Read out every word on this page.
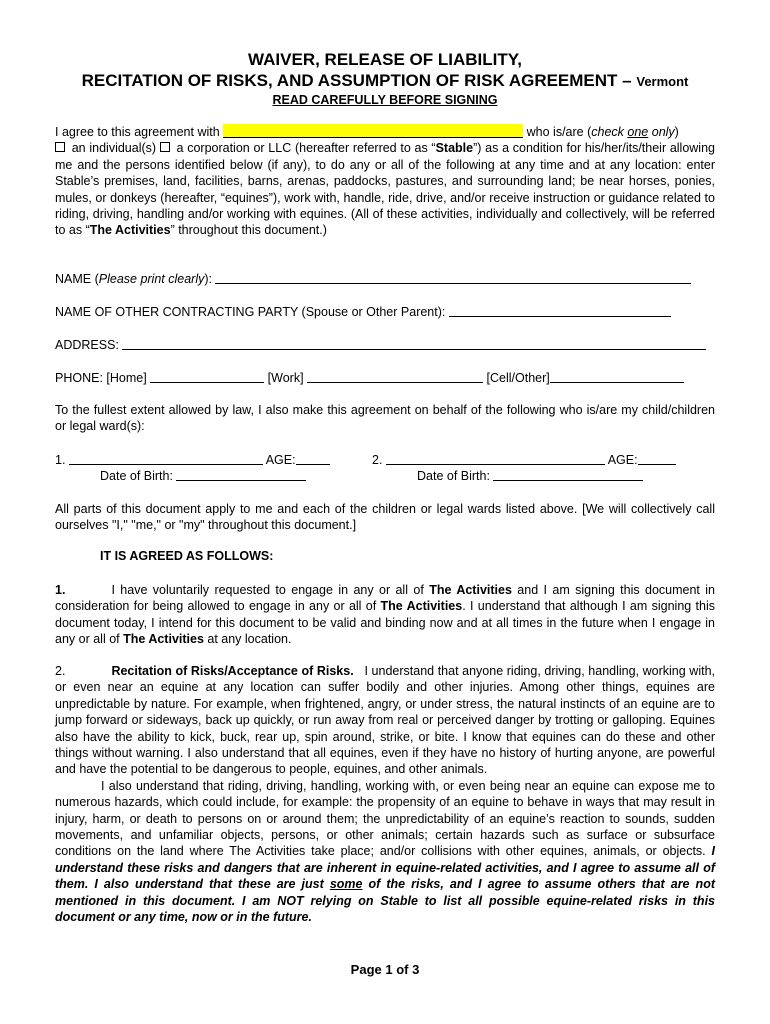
WAIVER, RELEASE OF LIABILITY,
RECITATION OF RISKS, AND ASSUMPTION OF RISK AGREEMENT – Vermont
READ CAREFULLY BEFORE SIGNING
I agree to this agreement with	who is/are (check one only)
an individual(s) a corporation or LLC (hereafter referred to as “Stable”) as a condition for his/her/its/their allowing me and the persons identified below (if any), to do any or all of the following at any time and at any location: enter Stable’s premises, land, facilities, barns, arenas, paddocks, pastures, and surrounding land; be near horses, ponies, mules, or donkeys (hereafter, “equines”), work with, handle, ride, drive, and/or receive instruction or guidance related to riding, driving, handling and/or working with equines. (All of these activities, individually and collectively, will be referred to as “The Activities” throughout this document.)
NAME (Please print clearly):
NAME OF OTHER CONTRACTING PARTY (Spouse or Other Parent):
ADDRESS:
PHONE: [Home]	[Work]	[Cell/Other]
To the fullest extent allowed by law, I also make this agreement on behalf of the following who is/are my child/children or legal ward(s):
1.	AGE:	2.	AGE:
Date of Birth:	Date of Birth:
All parts of this document apply to me and each of the children or legal wards listed above. [We will collectively call ourselves "I," "me," or "my" throughout this document.]
IT IS AGREED AS FOLLOWS:
1.	I have voluntarily requested to engage in any or all of The Activities and I am signing this document in consideration for being allowed to engage in any or all of The Activities. I understand that although I am signing this document today, I intend for this document to be valid and binding now and at all times in the future when I engage in any or all of The Activities at any location.
2.	Recitation of Risks/Acceptance of Risks. I understand that anyone riding, driving, handling, working with, or even near an equine at any location can suffer bodily and other injuries. Among other things, equines are unpredictable by nature. For example, when frightened, angry, or under stress, the natural instincts of an equine are to jump forward or sideways, back up quickly, or run away from real or perceived danger by trotting or galloping. Equines also have the ability to kick, buck, rear up, spin around, strike, or bite. I know that equines can do these and other things without warning. I also understand that all equines, even if they have no history of hurting anyone, are powerful and have the potential to be dangerous to people, equines, and other animals.
I also understand that riding, driving, handling, working with, or even being near an equine can expose me to numerous hazards, which could include, for example: the propensity of an equine to behave in ways that may result in injury, harm, or death to persons on or around them; the unpredictability of an equine’s reaction to sounds, sudden movements, and unfamiliar objects, persons, or other animals; certain hazards such as surface or subsurface conditions on the land where The Activities take place; and/or collisions with other equines, animals, or objects. I understand these risks and dangers that are inherent in equine-related activities, and I agree to assume all of them. I also understand that these are just some of the risks, and I agree to assume others that are not mentioned in this document. I am NOT relying on Stable to list all possible equine-related risks in this document or any time, now or in the future.
Page 1 of 3
